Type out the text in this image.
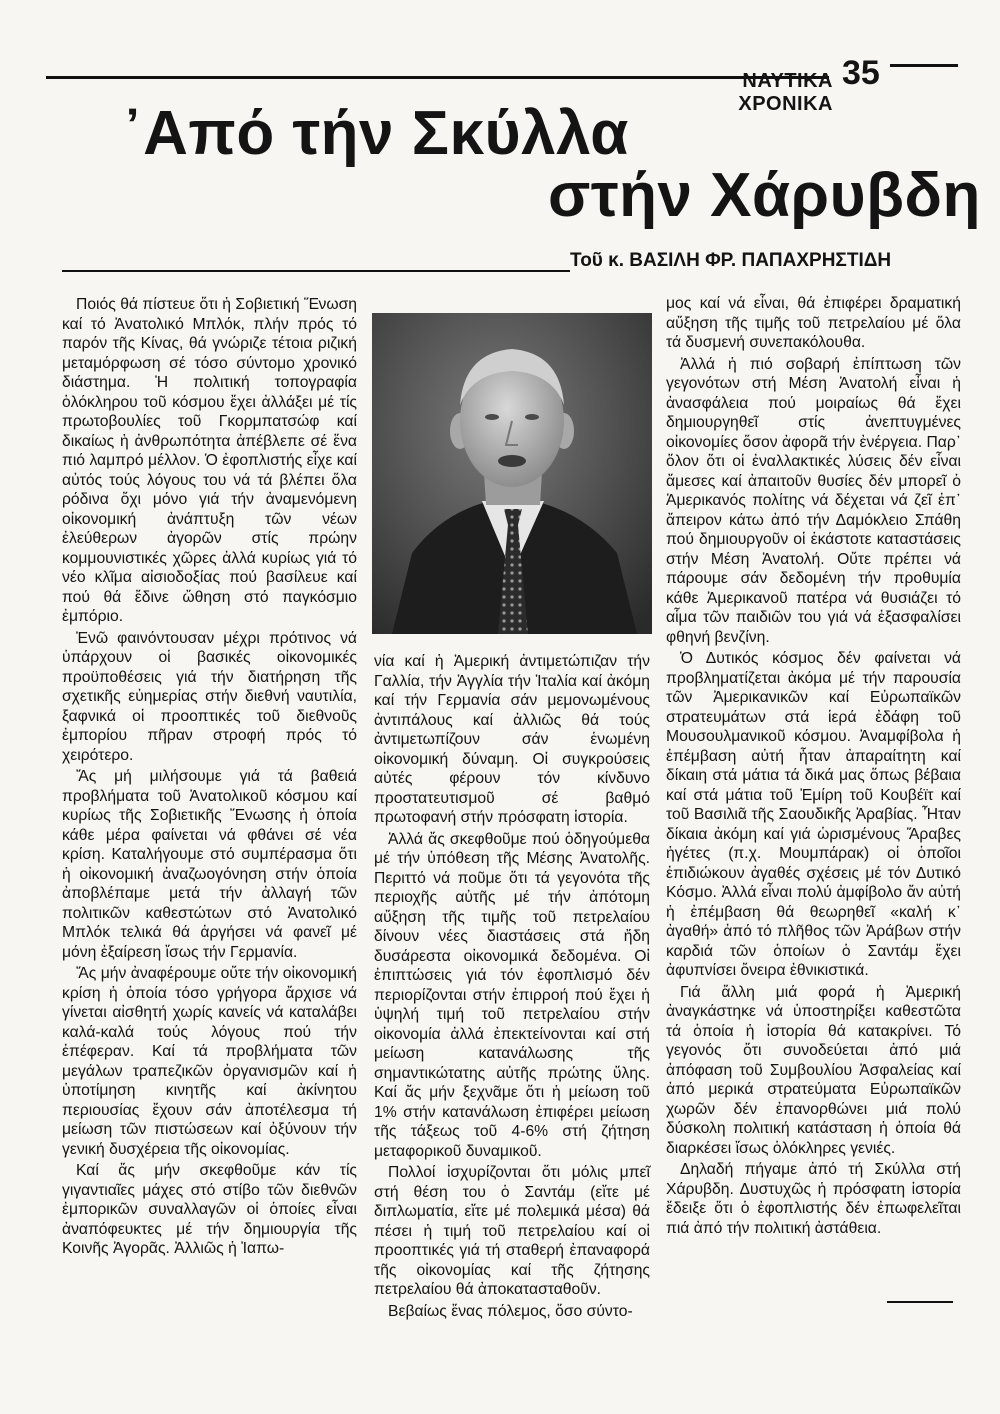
ΝΑΥΤΙΚΑ ΧΡΟΝΙΚΑ
35
᾿Από τήν Σκύλλα
στήν Χάρυβδη
Τοῦ κ. ΒΑΣΙΛΗ ΦΡ. ΠΑΠΑΧΡΗΣΤΙΔΗ

Ποιός θά πίστευε ὅτι ἡ Σοβιετική Ἕνωση καί τό Ἀνατολικό Μπλόκ, πλήν πρός τό παρόν τῆς Κίνας, θά γνώριζε τέτοια ριζική μεταμόρφωση σέ τόσο σύντομο χρονικό διάστημα. Ἡ πολιτική τοπογραφία ὁλόκληρου τοῦ κόσμου ἔχει ἀλλάξει μέ τίς πρωτοβουλίες τοῦ Γκορμπατσώφ καί δικαίως ἡ ἀνθρωπότητα ἀπέβλεπε σέ ἕνα πιό λαμπρό μέλλον. Ὁ ἐφοπλιστής εἶχε καί αὐτός τούς λόγους του νά τά βλέπει ὅλα ρόδινα ὄχι μόνο γιά τήν ἀναμενόμενη οἰκονομική ἀνάπτυξη τῶν νέων ἐλεύθερων ἀγορῶν στίς πρώην κομμουνιστικές χῶρες ἀλλά κυρίως γιά τό νέο κλῖμα αἰσιοδοξίας πού βασίλευε καί πού θά ἔδινε ὤθηση στό παγκόσμιο ἐμπόριο.

Ἐνῶ φαινόντουσαν μέχρι πρότινος νά ὑπάρχουν οἱ βασικές οἰκονομικές προϋποθέσεις γιά τήν διατήρηση τῆς σχετικῆς εὐημερίας στήν διεθνή ναυτιλία, ξαφνικά οἱ προοπτικές τοῦ διεθνοῦς ἐμπορίου πῆραν στροφή πρός τό χειρότερο.

Ἄς μή μιλήσουμε γιά τά βαθειά προβλήματα τοῦ Ἀνατολικοῦ κόσμου καί κυρίως τῆς Σοβιετικῆς Ἕνωσης ἡ ὁποία κάθε μέρα φαίνεται νά φθάνει σέ νέα κρίση. Καταλήγουμε στό συμπέρασμα ὅτι ἡ οἰκονομική ἀναζωογόνηση στήν ὁποία ἀποβλέπαμε μετά τήν ἀλλαγή τῶν πολιτικῶν καθεστώτων στό Ἀνατολικό Μπλόκ τελικά θά ἀργήσει νά φανεῖ μέ μόνη ἐξαίρεση ἴσως τήν Γερμανία.

Ἄς μήν ἀναφέρουμε οὔτε τήν οἰκονομική κρίση ἡ ὁποία τόσο γρήγορα ἄρχισε νά γίνεται αἰσθητή χωρίς κανείς νά καταλάβει καλά-καλά τούς λόγους πού τήν ἐπέφεραν. Καί τά προβλήματα τῶν μεγάλων τραπεζικῶν ὀργανισμῶν καί ἡ ὑποτίμηση κινητῆς καί ἀκίνητου περιουσίας ἔχουν σάν ἀποτέλεσμα τή μείωση τῶν πιστώσεων καί ὀξύνουν τήν γενική δυσχέρεια τῆς οἰκονομίας.

Καί ἄς μήν σκεφθοῦμε κάν τίς γιγαντιαῖες μάχες στό στίβο τῶν διεθνῶν ἐμπορικῶν συναλλαγῶν οἱ ὁποίες εἶναι ἀναπόφευκτες μέ τήν δημιουργία τῆς Κοινῆς Ἀγορᾶς. Ἀλλιῶς ἡ Ἰαπω-

νία καί ἡ Ἀμερική ἀντιμετώπιζαν τήν Γαλλία, τήν Ἀγγλία τήν Ἰταλία καί ἀκόμη καί τήν Γερμανία σάν μεμονωμένους ἀντιπάλους καί ἀλλιῶς θά τούς ἀντιμετωπίζουν σάν ἑνωμένη οἰκονομική δύναμη. Οἱ συγκρούσεις αὐτές φέρουν τόν κίνδυνο προστατευτισμοῦ σέ βαθμό πρωτοφανή στήν πρόσφατη ἱστορία.

Ἀλλά ἄς σκεφθοῦμε πού ὁδηγούμεθα μέ τήν ὑπόθεση τῆς Μέσης Ἀνατολῆς. Περιττό νά ποῦμε ὅτι τά γεγονότα τῆς περιοχῆς αὐτῆς μέ τήν ἀπότομη αὔξηση τῆς τιμῆς τοῦ πετρελαίου δίνουν νέες διαστάσεις στά ἤδη δυσάρεστα οἰκονομικά δεδομένα. Οἱ ἐπιπτώσεις γιά τόν ἐφοπλισμό δέν περιορίζονται στήν ἐπιρροή πού ἔχει ἡ ὑψηλή τιμή τοῦ πετρελαίου στήν οἰκονομία ἀλλά ἐπεκτείνονται καί στή μείωση κατανάλωσης τῆς σημαντικώτατης αὐτῆς πρώτης ὕλης. Καί ἄς μήν ξεχνᾶμε ὅτι ἡ μείωση τοῦ 1% στήν κατανάλωση ἐπιφέρει μείωση τῆς τάξεως τοῦ 4-6% στή ζήτηση μεταφορικοῦ δυναμικοῦ.

Πολλοί ἰσχυρίζονται ὅτι μόλις μπεῖ στή θέση του ὁ Σαντάμ (εἴτε μέ διπλωματία, εἴτε μέ πολεμικά μέσα) θά πέσει ἡ τιμή τοῦ πετρελαίου καί οἱ προοπτικές γιά τή σταθερή ἐπαναφορά τῆς οἰκονομίας καί τῆς ζήτησης πετρελαίου θά ἀποκατασταθοῦν.

Βεβαίως ἕνας πόλεμος, ὅσο σύντο-

μος καί νά εἶναι, θά ἐπιφέρει δραματική αὔξηση τῆς τιμῆς τοῦ πετρελαίου μέ ὅλα τά δυσμενή συνεπακόλουθα.

Ἀλλά ἡ πιό σοβαρή ἐπίπτωση τῶν γεγονότων στή Μέση Ἀνατολή εἶναι ἡ ἀνασφάλεια πού μοιραίως θά ἔχει δημιουργηθεῖ στίς ἀνεπτυγμένες οἰκονομίες ὅσον ἀφορᾶ τήν ἐνέργεια. Παρ᾿ ὅλον ὅτι οἱ ἐναλλακτικές λύσεις δέν εἶναι ἄμεσες καί ἀπαιτοῦν θυσίες δέν μπορεῖ ὁ Ἀμερικανός πολίτης νά δέχεται νά ζεῖ ἐπ᾿ ἄπειρον κάτω ἀπό τήν Δαμόκλειο Σπάθη πού δημιουργοῦν οἱ ἑκάστοτε καταστάσεις στήν Μέση Ἀνατολή. Οὔτε πρέπει νά πάρουμε σάν δεδομένη τήν προθυμία κάθε Ἀμερικανοῦ πατέρα νά θυσιάζει τό αἷμα τῶν παιδιῶν του γιά νά ἐξασφαλίσει φθηνή βενζίνη.

Ὁ Δυτικός κόσμος δέν φαίνεται νά προβληματίζεται ἀκόμα μέ τήν παρουσία τῶν Ἀμερικανικῶν καί Εὐρωπαϊκῶν στρατευμάτων στά ἱερά ἐδάφη τοῦ Μουσουλμανικοῦ κόσμου. Ἀναμφίβολα ἡ ἐπέμβαση αὐτή ἦταν ἀπαραίτητη καί δίκαιη στά μάτια τά δικά μας ὅπως βέβαια καί στά μάτια τοῦ Ἐμίρη τοῦ Κουβέϊτ καί τοῦ Βασιλιᾶ τῆς Σαουδικῆς Ἀραβίας. Ἦταν δίκαια ἀκόμη καί γιά ὡρισμένους Ἄραβες ἡγέτες (π.χ. Μουμπάρακ) οἱ ὁποῖοι ἐπιδιώκουν ἀγαθές σχέσεις μέ τόν Δυτικό Κόσμο. Ἀλλά εἶναι πολύ ἀμφίβολο ἄν αὐτή ἡ ἐπέμβαση θά θεωρηθεῖ «καλή κ᾿ ἀγαθή» ἀπό τό πλῆθος τῶν Ἀράβων στήν καρδιά τῶν ὁποίων ὁ Σαντάμ ἔχει ἀφυπνίσει ὄνειρα ἐθνικιστικά.

Γιά ἄλλη μιά φορά ἡ Ἀμερική ἀναγκάστηκε νά ὑποστηρίξει καθεστῶτα τά ὁποία ἡ ἱστορία θά κατακρίνει. Τό γεγονός ὅτι συνοδεύεται ἀπό μιά ἀπόφαση τοῦ Συμβουλίου Ἀσφαλείας καί ἀπό μερικά στρατεύματα Εὐρωπαϊκῶν χωρῶν δέν ἐπανορθώνει μιά πολύ δύσκολη πολιτική κατάσταση ἡ ὁποία θά διαρκέσει ἴσως ὁλόκληρες γενιές.

Δηλαδή πήγαμε ἀπό τή Σκύλλα στή Χάρυβδη. Δυστυχῶς ἡ πρόσφατη ἱστορία ἔδειξε ὅτι ὁ ἐφοπλιστής δέν ἐπωφελεῖται πιά ἀπό τήν πολιτική ἀστάθεια.
